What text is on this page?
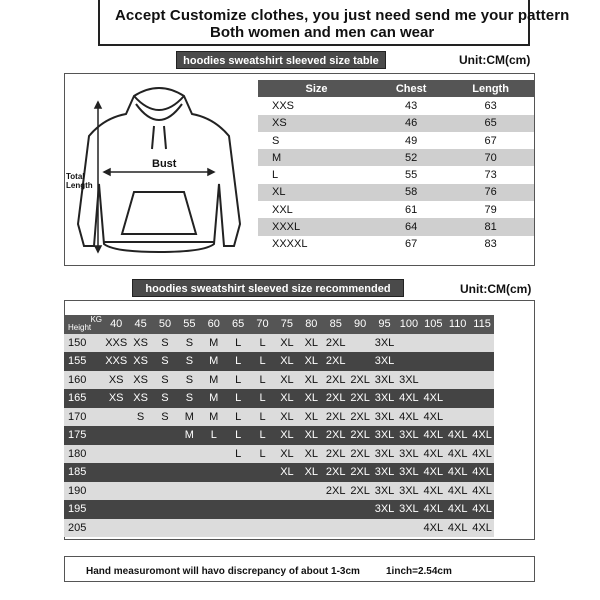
Accept Customize clothes, you just need send me your pattern
Both women and men can wear
hoodies sweatshirt sleeved size table	Unit:CM(cm)
Bust
Total
Length
Size	Chest	Length
XXS	43	63
XS	46	65
S	49	67
M	52	70
L	55	73
XL	58	76
XXL	61	79
XXXL	64	81
XXXXL	67	83
hoodies sweatshirt sleeved size recommended table
Unit:CM(cm)
KG
Height	40	45	50	55	60	65	70	75	80	85	90	95	100	105	110	115
150	XXS	XS	S	S	M	L	L	XL	XL	2XL		3XL				
155	XXS	XS	S	S	M	L	L	XL	XL	2XL		3XL				
160	XS	XS	S	S	M	L	L	XL	XL	2XL	2XL	3XL	3XL			
165	XS	XS	S	S	M	L	L	XL	XL	2XL	2XL	3XL	4XL	4XL		
170		S	S	M	M	L	L	XL	XL	2XL	2XL	3XL	4XL	4XL		
175				M	L	L	L	XL	XL	2XL	2XL	3XL	3XL	4XL	4XL	4XL
180						L	L	XL	XL	2XL	2XL	3XL	3XL	4XL	4XL	4XL
185								XL	XL	2XL	2XL	3XL	3XL	4XL	4XL	4XL
190										2XL	2XL	3XL	3XL	4XL	4XL	4XL
195												3XL	3XL	4XL	4XL	4XL
205														4XL	4XL	4XL
Hand measuromont will havo discrepancy of about 1-3cm	1inch=2.54cm
